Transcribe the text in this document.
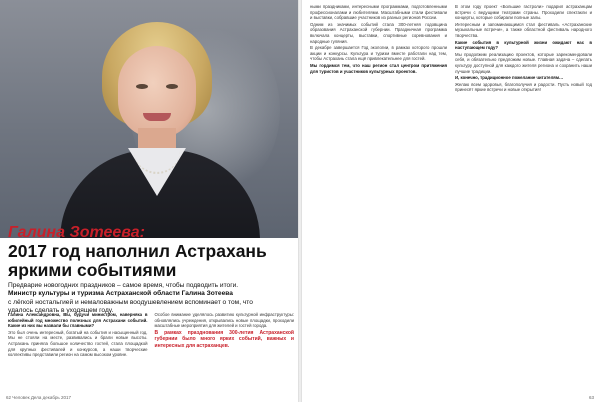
Галина Зотеева:

2017 год наполнил Астрахань

яркими событиями

Предварие новогодних праздников – самое время, чтобы подводить итоги.
Министр культуры и туризма Астраханской области Галина Зотеева
с лёгкой ностальгией и немаловажным воодушевлением вспоминает о том, что
удалось сделать в уходящем году.

Галина Александровна, Вы, будучи министром, наверняка в юбилейный год множество полезных для Астрахани событий. Какие из них вы назвали бы главными?

Это был очень интересный, богатый на события и насыщенный год. Мы не стояли на месте, развивались и брали новые высоты. Астрахань приняла большое количество гостей, стала площадкой для крупных фестивалей и конкурсов, а наши творческие коллективы представили регион на самом высоком уровне.

Особое внимание уделялось развитию культурной инфраструктуры: обновлялись учреждения, открывались новые площадки, проходили масштабные мероприятия для жителей и гостей города.

В рамках празднования 300-летия Астраханской губернии было много ярких событий, важных и интересных для астраханцев.

62 Человек Дела декабрь 2017

ными праздниками, интересными программами, подготовленными профессионалами и любителями. Масштабными стали фестивали и выставки, собравшие участников из разных регионов России.

Одним из значимых событий стала 300-летняя годовщина образования Астраханской губернии. Праздничная программа включала концерты, выставки, спортивные соревнования и народные гуляния.

В декабре завершается Год экологии, в рамках которого прошли акции и конкурсы. Культура и туризм вместе работали над тем, чтобы Астрахань стала ещё привлекательнее для гостей.

Мы гордимся тем, что наш регион стал центром притяжения для туристов и участников культурных проектов.

В этом году проект «Большие гастроли» подарил астраханцам встречи с ведущими театрами страны. Проходили спектакли и концерты, которые собирали полные залы.

Интересным и запоминающимся стал фестиваль «Астраханские музыкальные встречи», а также областной фестиваль народного творчества.

Какие события в культурной жизни ожидают нас в наступающем году?

Мы продолжим реализацию проектов, которые зарекомендовали себя, и обязательно предложим новые. Главная задача – сделать культуру доступной для каждого жителя региона и сохранить наши лучшие традиции.

И, конечно, традиционное пожелание читателям…

Желаю всем здоровья, благополучия и радости. Пусть новый год принесёт яркие встречи и новые открытия!

63
